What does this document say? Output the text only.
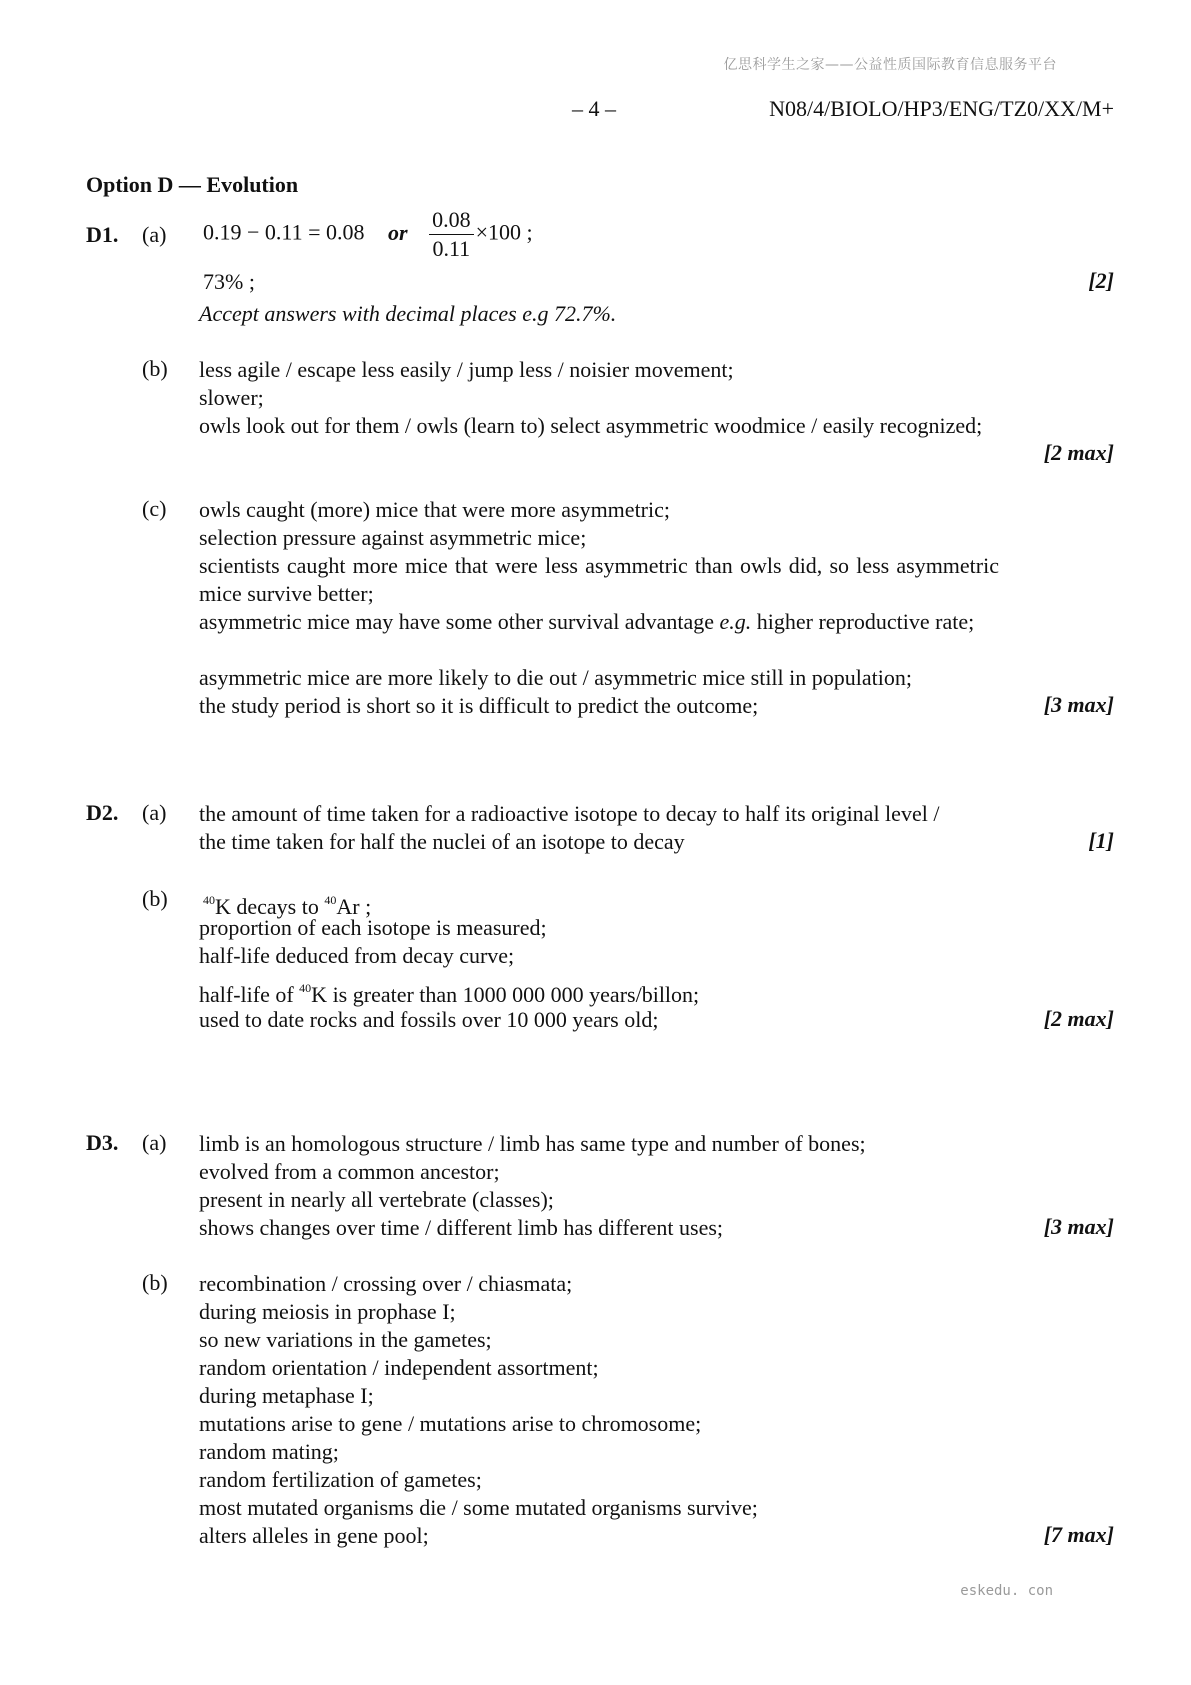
亿思科学生之家——公益性质国际教育信息服务平台
– 4 –	N08/4/BIOLO/HP3/ENG/TZ0/XX/M+
Option D — Evolution
D1. (a) 0.19 − 0.11 = 0.08 or $\frac{0.08}{0.11} \times 100$ ;
73% ;	[2]
Accept answers with decimal places e.g 72.7%.
(b) less agile / escape less easily / jump less / noisier movement;
slower;
owls look out for them / owls (learn to) select asymmetric woodmice / easily recognized;
[2 max]
(c) owls caught (more) mice that were more asymmetric;
selection pressure against asymmetric mice;
scientists caught more mice that were less asymmetric than owls did, so less asymmetric mice survive better;
asymmetric mice may have some other survival advantage e.g. higher reproductive rate;
asymmetric mice are more likely to die out / asymmetric mice still in population;
the study period is short so it is difficult to predict the outcome;	[3 max]
D2. (a) the amount of time taken for a radioactive isotope to decay to half its original level /
the time taken for half the nuclei of an isotope to decay	[1]
(b)	$^{40}$K decays to $^{40}$Ar ;
proportion of each isotope is measured;
half-life deduced from decay curve;
half-life of $^{40}$K is greater than 1000 000 000 years/billon;
used to date rocks and fossils over 10 000 years old;	[2 max]
D3. (a) limb is an homologous structure / limb has same type and number of bones;
evolved from a common ancestor;
present in nearly all vertebrate (classes);
shows changes over time / different limb has different uses;	[3 max]
(b) recombination / crossing over / chiasmata;
during meiosis in prophase I;
so new variations in the gametes;
random orientation / independent assortment;
during metaphase I;
mutations arise to gene / mutations arise to chromosome;
random mating;
random fertilization of gametes;
most mutated organisms die / some mutated organisms survive;
alters alleles in gene pool;	[7 max]
eskedu. con
